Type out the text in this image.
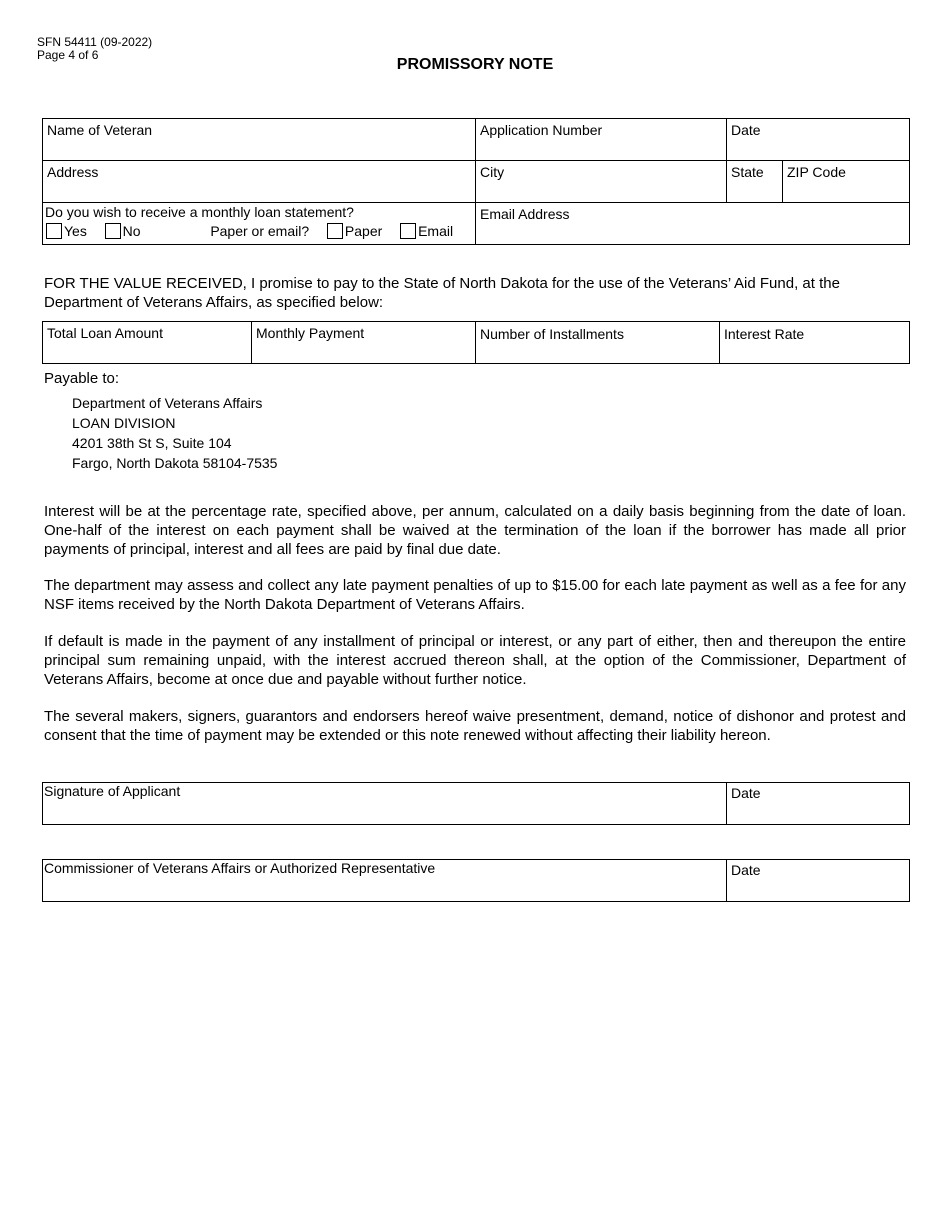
SFN 54411 (09-2022)
Page 4 of 6
PROMISSORY NOTE
Name of Veteran	Application Number	Date	

Address	City	State	ZIP Code

Do you wish to receive a monthly loan statement?
Yes No Paper or email? Paper Email	Email Address		
FOR THE VALUE RECEIVED, I promise to pay to the State of North Dakota for the use of the Veterans’ Aid Fund, at the Department of Veterans Affairs, as specified below:
Total Loan Amount	Monthly Payment	Number of Installments	Interest Rate
Payable to:
Department of Veterans Affairs
LOAN DIVISION
4201 38th St S, Suite 104
Fargo, North Dakota 58104-7535
Interest will be at the percentage rate, specified above, per annum, calculated on a daily basis beginning from the date of loan. One-half of the interest on each payment shall be waived at the termination of the loan if the borrower has made all prior payments of principal, interest and all fees are paid by final due date.
The department may assess and collect any late payment penalties of up to $15.00 for each late payment as well as a fee for any NSF items received by the North Dakota Department of Veterans Affairs.
If default is made in the payment of any installment of principal or interest, or any part of either, then and thereupon the entire principal sum remaining unpaid, with the interest accrued thereon shall, at the option of the Commissioner, Department of Veterans Affairs, become at once due and payable without further notice.
The several makers, signers, guarantors and endorsers hereof waive presentment, demand, notice of dishonor and protest and consent that the time of payment may be extended or this note renewed without affecting their liability hereon.
Signature of Applicant	Date
Commissioner of Veterans Affairs or Authorized Representative	Date
